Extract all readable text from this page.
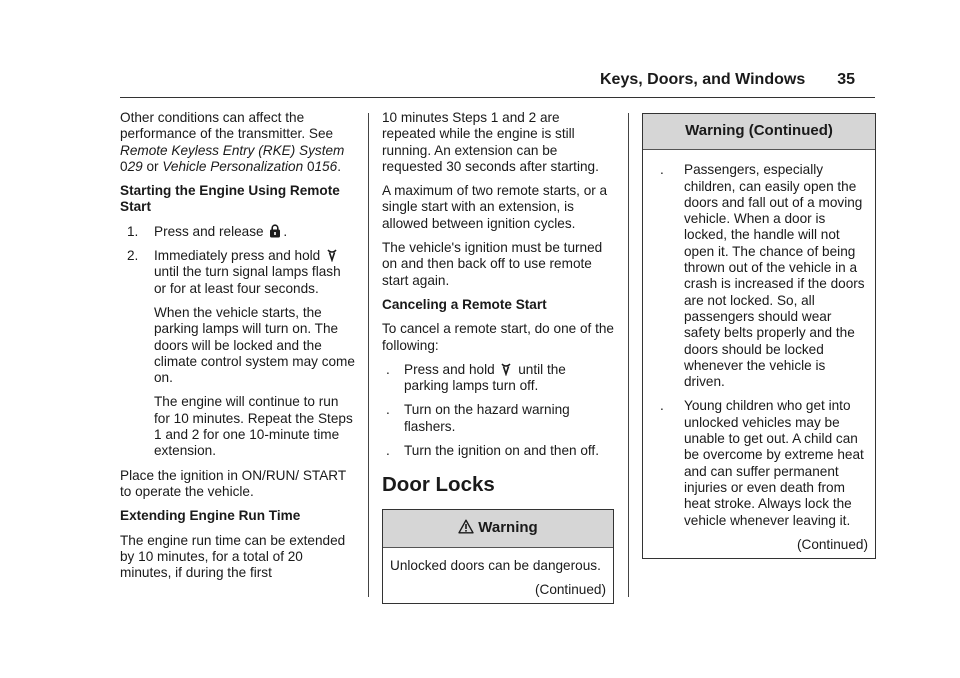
Keys, Doors, and Windows 35

Other conditions can affect the performance of the transmitter. See Remote Keyless Entry (RKE) System 029 or Vehicle Personalization 0156.

Starting the Engine Using Remote Start

1. Press and release .

2. Immediately press and hold
until the turn signal lamps flash or for at least four seconds.

When the vehicle starts, the parking lamps will turn on. The doors will be locked and the climate control system may come on.

The engine will continue to run for 10 minutes. Repeat the Steps 1 and 2 for one 10-minute time extension.

Place the ignition in ON/RUN/ START to operate the vehicle.

Extending Engine Run Time

The engine run time can be extended by 10 minutes, for a total of 20 minutes, if during the first

10 minutes Steps 1 and 2 are repeated while the engine is still running. An extension can be requested 30 seconds after starting.

A maximum of two remote starts, or a single start with an extension, is allowed between ignition cycles.

The vehicle's ignition must be turned on and then back off to use remote start again.

Canceling a Remote Start

To cancel a remote start, do one of the following:

. Press and hold until the parking lamps turn off.
. Turn on the hazard warning flashers.
. Turn the ignition on and then off.
Door Locks
Warning

Unlocked doors can be dangerous.

(Continued)

Warning (Continued)
. Passengers, especially children, can easily open the doors and fall out of a moving vehicle. When a door is locked, the handle will not open it. The chance of being thrown out of the vehicle in a crash is increased if the doors are not locked. So, all passengers should wear safety belts properly and the doors should be locked whenever the vehicle is driven.
. Young children who get into unlocked vehicles may be unable to get out. A child can be overcome by extreme heat and can suffer permanent injuries or even death from heat stroke. Always lock the vehicle whenever leaving it.

(Continued)
